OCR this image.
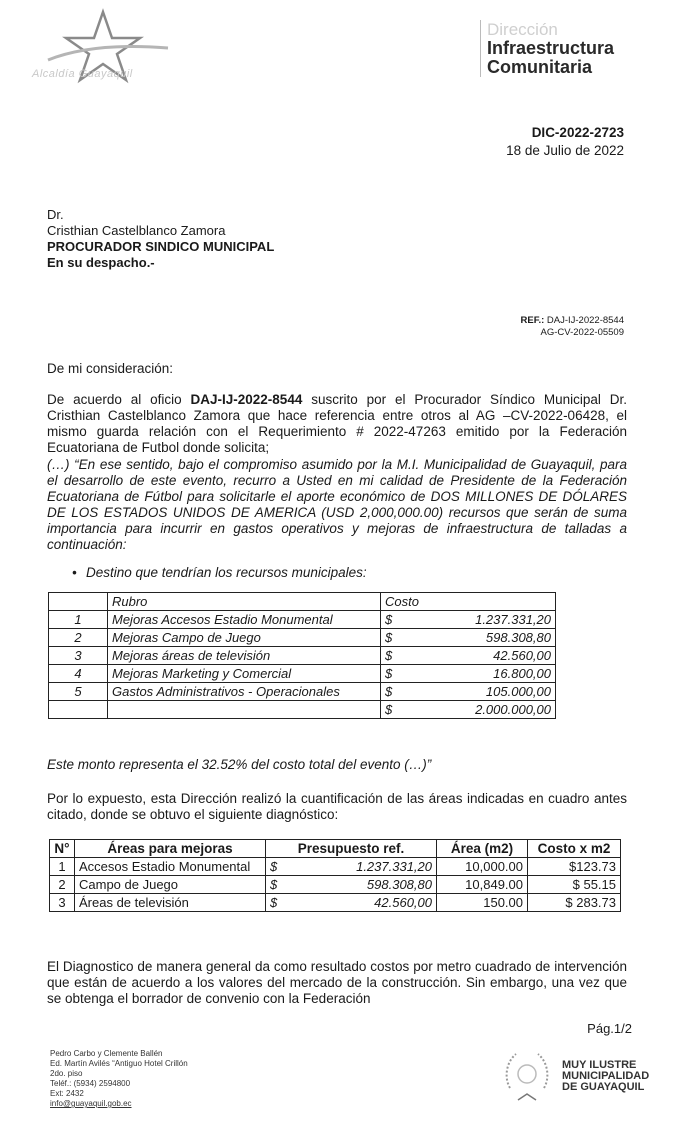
Alcaldía Guayaquil
Dirección
Infraestructura
Comunitaria
DIC-2022-2723
18 de Julio de 2022
Dr.
Cristhian Castelblanco Zamora
PROCURADOR SINDICO MUNICIPAL
En su despacho.-
REF.: DAJ-IJ-2022-8544
AG-CV-2022-05509
De mi consideración:
De acuerdo al oficio DAJ-IJ-2022-8544 suscrito por el Procurador Síndico Municipal Dr. Cristhian Castelblanco Zamora que hace referencia entre otros al AG –CV-2022-06428, el mismo guarda relación con el Requerimiento # 2022-47263 emitido por la Federación Ecuatoriana de Futbol donde solicita;
(…) “En ese sentido, bajo el compromiso asumido por la M.I. Municipalidad de Guayaquil, para el desarrollo de este evento, recurro a Usted en mi calidad de Presidente de la Federación Ecuatoriana de Fútbol para solicitarle el aporte económico de DOS MILLONES DE DÓLARES DE LOS ESTADOS UNIDOS DE AMERICA (USD 2,000,000.00) recursos que serán de suma importancia para incurrir en gastos operativos y mejoras de infraestructura de talladas a continuación:
• Destino que tendrían los recursos municipales:
	Rubro	Costo	
1	Mejoras Accesos Estadio Monumental	$	1.237.331,20
2	Mejoras Campo de Juego	$	598.308,80
3	Mejoras áreas de televisión	$	42.560,00
4	Mejoras Marketing y Comercial	$	16.800,00
5	Gastos Administrativos - Operacionales	$	105.000,00
		$	2.000.000,00
Este monto representa el 32.52% del costo total del evento (…)”
Por lo expuesto, esta Dirección realizó la cuantificación de las áreas indicadas en cuadro antes citado, donde se obtuvo el siguiente diagnóstico:
N°	Áreas para mejoras	Presupuesto ref.		Área (m2)	Costo x m2
1	Accesos Estadio Monumental	$	1.237.331,20	10,000.00	$123.73
2	Campo de Juego	$	598.308,80	10,849.00	$ 55.15
3	Áreas de televisión	$	42.560,00	150.00	$ 283.73
El Diagnostico de manera general da como resultado costos por metro cuadrado de intervención que están de acuerdo a los valores del mercado de la construcción. Sin embargo, una vez que se obtenga el borrador de convenio con la Federación
Pág.1/2
Pedro Carbo y Clemente Ballén
Ed. Martín Avilés “Antiguo Hotel Crillón
2do. piso
Teléf.: (5934) 2594800
Ext: 2432
info@guayaquil.gob.ec
MUY ILUSTRE
MUNICIPALIDAD
DE GUAYAQUIL
